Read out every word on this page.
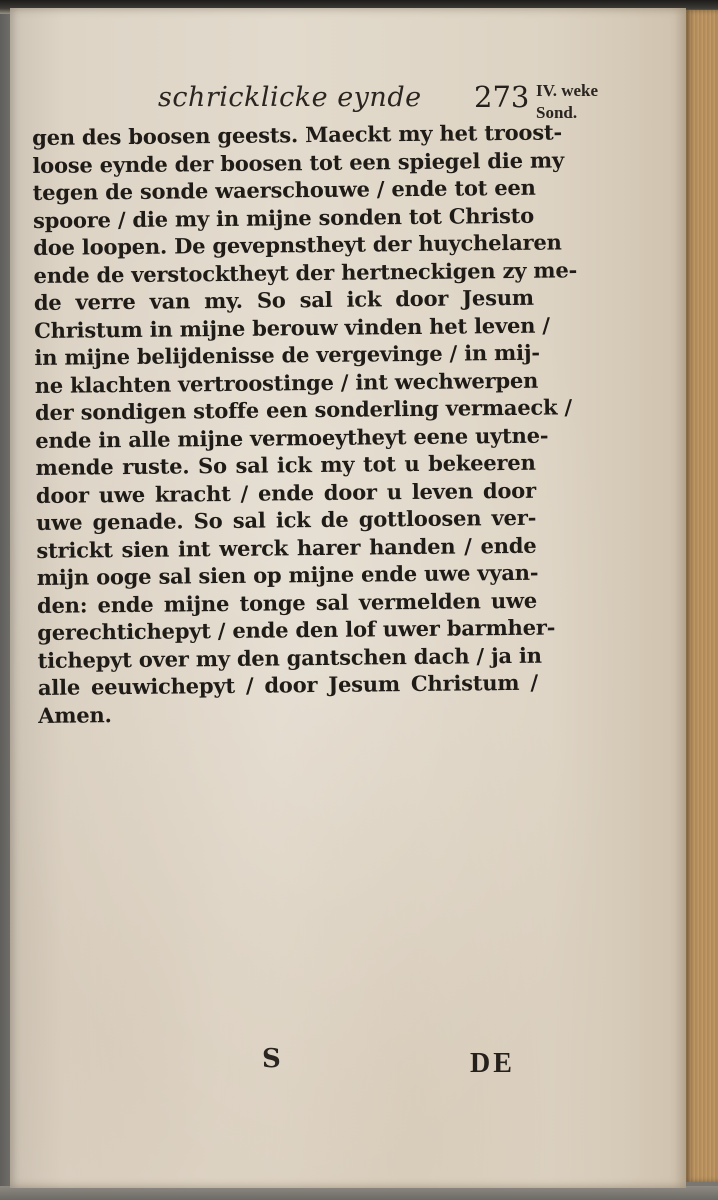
schricklicke eynde 273 IV. weke
Sond.
gen des boosen geests. Maeckt my het troost-
loose eynde der boosen tot een spiegel die my
tegen de sonde waerschouwe / ende tot een
spoore / die my in mijne sonden tot Christo
doe loopen. De gevepnstheyt der huychelaren
ende de verstocktheyt der hertneckigen zy me-
de verre van my. So sal ick door Jesum
Christum in mijne berouw vinden het leven /
in mijne belijdenisse de vergevinge / in mij-
ne klachten vertroostinge / int wechwerpen
der sondigen stoffe een sonderling vermaeck /
ende in alle mijne vermoeytheyt eene uytne-
mende ruste. So sal ick my tot u bekeeren
door uwe kracht / ende door u leven door
uwe genade. So sal ick de gottloosen ver-
strickt sien int werck harer handen / ende
mijn ooge sal sien op mijne ende uwe vyan-
den: ende mijne tonge sal vermelden uwe
gerechtichepyt / ende den lof uwer barmher-
tichepyt over my den gantschen dach / ja in
alle eeuwichepyt / door Jesum Christum /
Amen.
S	DE
